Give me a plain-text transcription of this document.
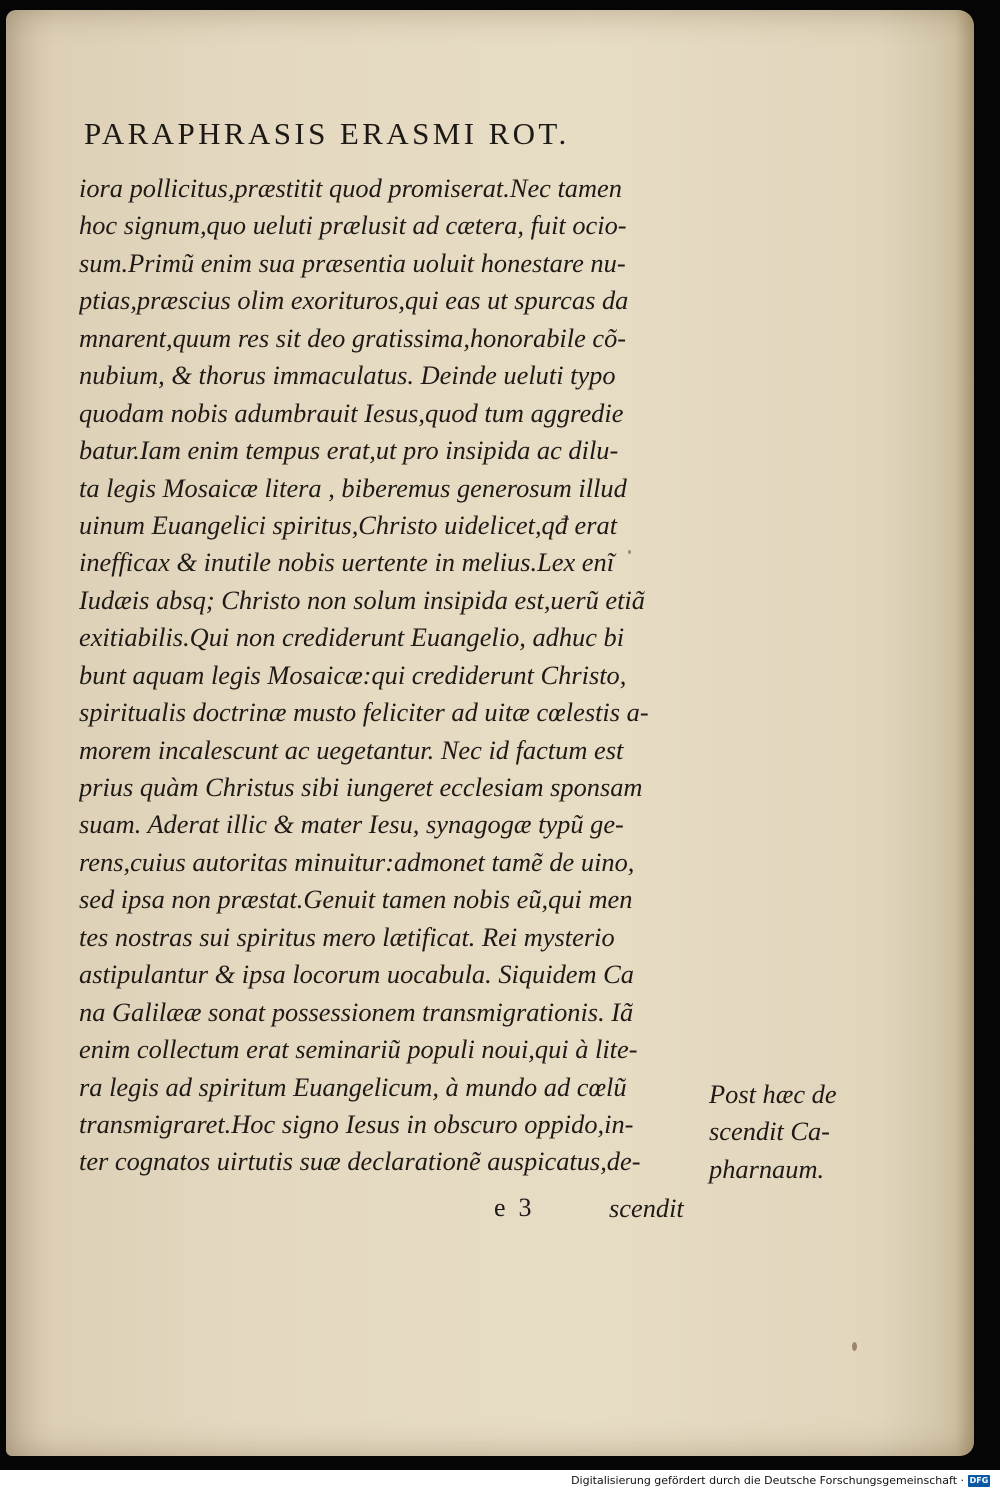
PARAPHRASIS ERASMI ROT.
iora pollicitus,præstitit quod promiserat.Nec tamen
hoc signum,quo ueluti prælusit ad cætera, fuit ocio‑
sum.Primũ enim sua præsentia uoluit honestare nu‑
ptias,præscius olim exorituros,qui eas ut spurcas da
mnarent,quum res sit deo gratissima,honorabile cõ‑
nubium, & thorus immaculatus. Deinde ueluti typo
quodam nobis adumbrauit Iesus,quod tum aggredie
batur.Iam enim tempus erat,ut pro insipida ac dilu‑
ta legis Mosaicæ litera , biberemus generosum illud
uinum Euangelici spiritus,Christo uidelicet,qđ erat
inefficax & inutile nobis uertente in melius.Lex enĩ
Iudæis absq; Christo non solum insipida est,uerũ etiã
exitiabilis.Qui non crediderunt Euangelio, adhuc bi
bunt aquam legis Mosaicæ:qui crediderunt Christo,
spiritualis doctrinæ musto feliciter ad uitæ cœlestis a‑
morem incalescunt ac uegetantur. Nec id factum est
prius quàm Christus sibi iungeret ecclesiam sponsam
suam. Aderat illic & mater Iesu, synagogæ typũ ge‑
rens,cuius autoritas minuitur:admonet tamẽ de uino,
sed ipsa non præstat.Genuit tamen nobis eũ,qui men
tes nostras sui spiritus mero lætificat. Rei mysterio
astipulantur & ipsa locorum uocabula. Siquidem Ca
na Galilææ sonat possessionem transmigrationis. Iã
enim collectum erat seminariũ populi noui,qui à lite‑
ra legis ad spiritum Euangelicum, à mundo ad cœlũ
transmigraret.Hoc signo Iesus in obscuro oppido,in‑
ter cognatos uirtutis suæ declarationẽ auspicatus,de‑
Post hæc de
scendit Ca‑
pharnaum.
e  3	scendit
Digitalisierung gefördert durch die Deutsche Forschungsgemeinschaft · DFG
